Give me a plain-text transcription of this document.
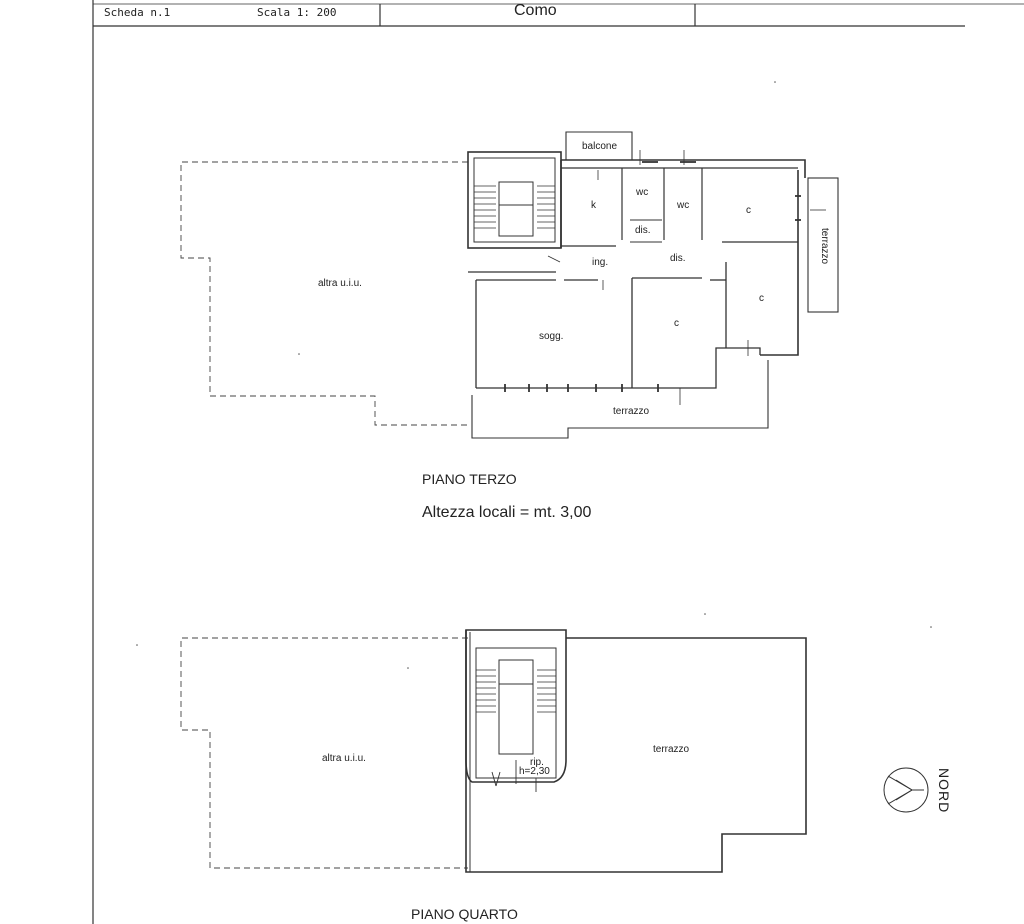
Scheda n.1	Scala 1: 200	Como
altra u.i.u.
balcone
k
wc
wc	c
dis.
ing.	dis.
c
sogg.
c
terrazzo
terrazzo
PIANO TERZO
Altezza locali = mt. 3,00
altra u.i.u.
terrazzo
rip.
h=2,30
PIANO QUARTO
NORD
